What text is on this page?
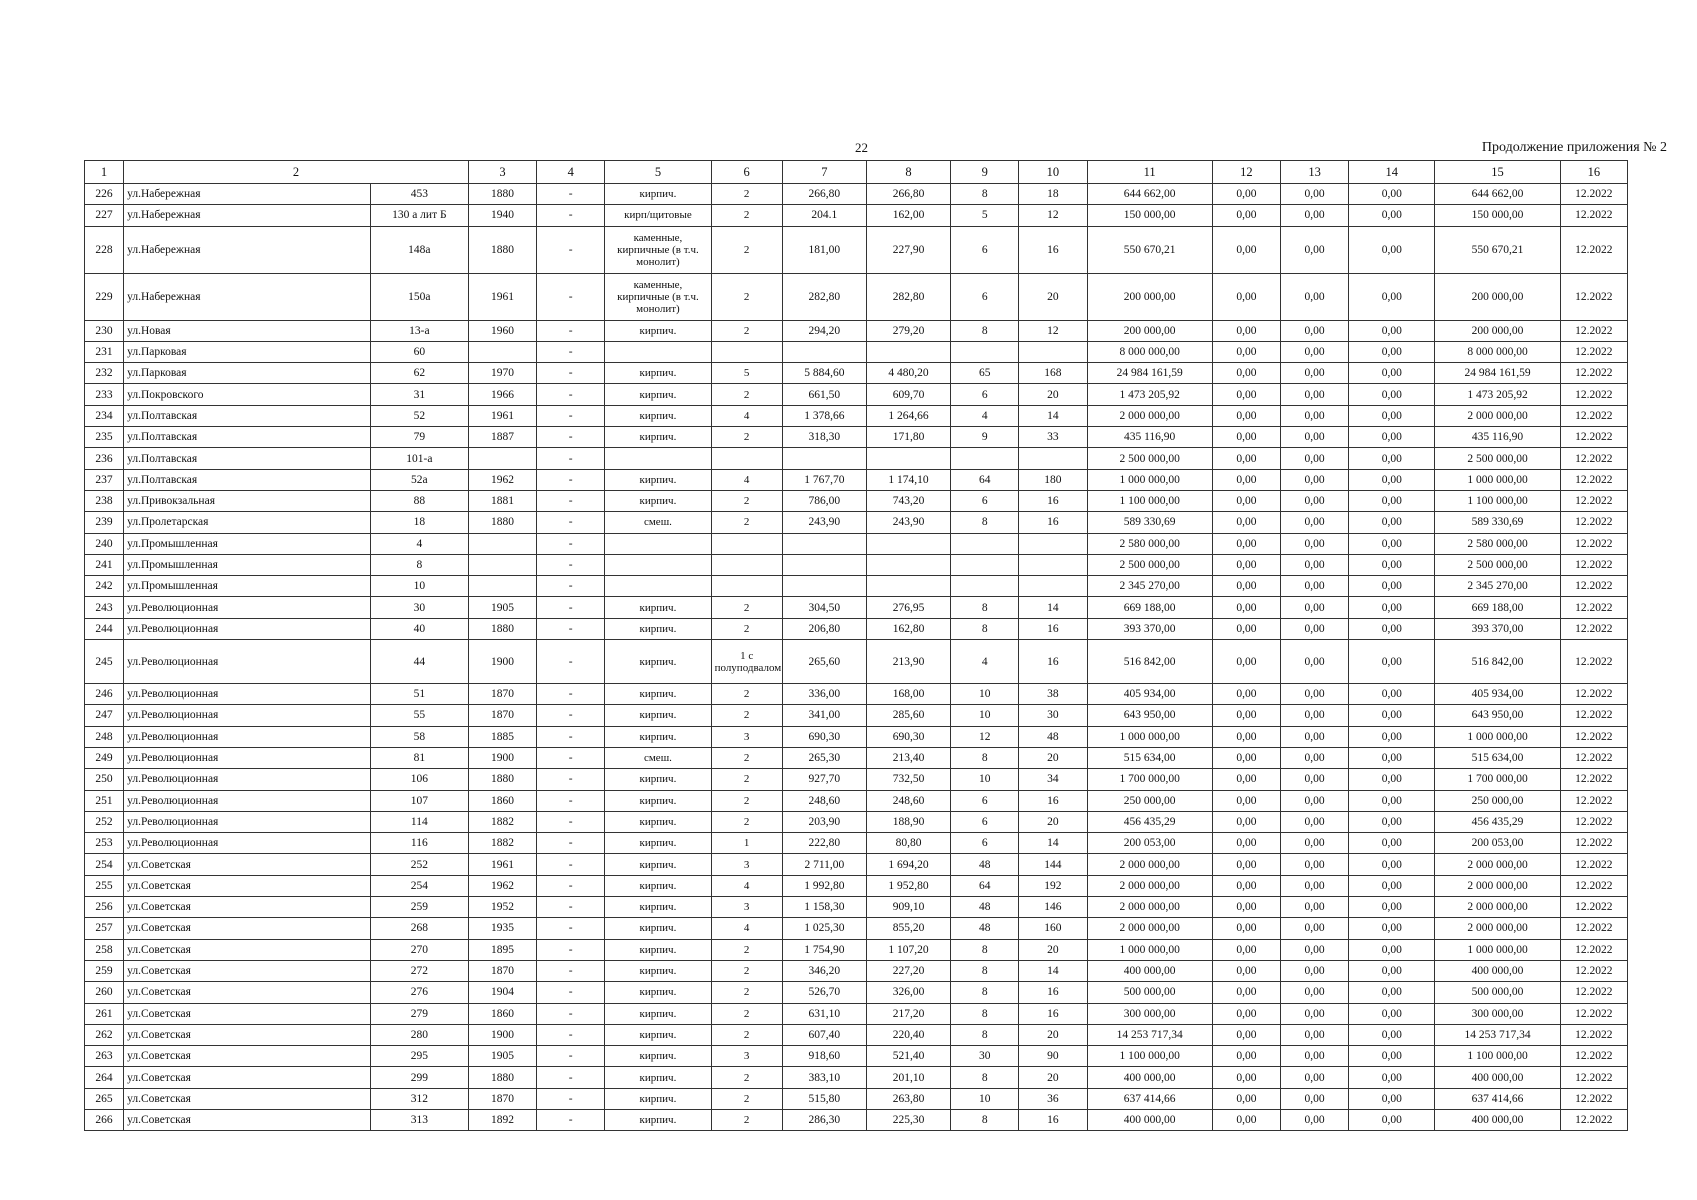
22	Продолжение приложения № 2
1	2		3	4	5	6	7	8	9	10	11	12	13	14	15	16
226	ул.Набережная	453	1880	-	кирпич.	2	266,80	266,80	8	18	644 662,00	0,00	0,00	0,00	644 662,00	12.2022
227	ул.Набережная	130 а лит Б	1940	-	кирп/щитовые	2	204.1	162,00	5	12	150 000,00	0,00	0,00	0,00	150 000,00	12.2022
228	ул.Набережная	148а	1880	-	каменные, кирпичные (в т.ч. монолит)	2	181,00	227,90	6	16	550 670,21	0,00	0,00	0,00	550 670,21	12.2022
229	ул.Набережная	150а	1961	-	каменные, кирпичные (в т.ч. монолит)	2	282,80	282,80	6	20	200 000,00	0,00	0,00	0,00	200 000,00	12.2022
230	ул.Новая	13-а	1960	-	кирпич.	2	294,20	279,20	8	12	200 000,00	0,00	0,00	0,00	200 000,00	12.2022
231	ул.Парковая	60		-							8 000 000,00	0,00	0,00	0,00	8 000 000,00	12.2022
232	ул.Парковая	62	1970	-	кирпич.	5	5 884,60	4 480,20	65	168	24 984 161,59	0,00	0,00	0,00	24 984 161,59	12.2022
233	ул.Покровского	31	1966	-	кирпич.	2	661,50	609,70	6	20	1 473 205,92	0,00	0,00	0,00	1 473 205,92	12.2022
234	ул.Полтавская	52	1961	-	кирпич.	4	1 378,66	1 264,66	4	14	2 000 000,00	0,00	0,00	0,00	2 000 000,00	12.2022
235	ул.Полтавская	79	1887	-	кирпич.	2	318,30	171,80	9	33	435 116,90	0,00	0,00	0,00	435 116,90	12.2022
236	ул.Полтавская	101-а		-							2 500 000,00	0,00	0,00	0,00	2 500 000,00	12.2022
237	ул.Полтавская	52а	1962	-	кирпич.	4	1 767,70	1 174,10	64	180	1 000 000,00	0,00	0,00	0,00	1 000 000,00	12.2022
238	ул.Привокзальная	88	1881	-	кирпич.	2	786,00	743,20	6	16	1 100 000,00	0,00	0,00	0,00	1 100 000,00	12.2022
239	ул.Пролетарская	18	1880	-	смеш.	2	243,90	243,90	8	16	589 330,69	0,00	0,00	0,00	589 330,69	12.2022
240	ул.Промышленная	4		-							2 580 000,00	0,00	0,00	0,00	2 580 000,00	12.2022
241	ул.Промышленная	8		-							2 500 000,00	0,00	0,00	0,00	2 500 000,00	12.2022
242	ул.Промышленная	10		-							2 345 270,00	0,00	0,00	0,00	2 345 270,00	12.2022
243	ул.Революционная	30	1905	-	кирпич.	2	304,50	276,95	8	14	669 188,00	0,00	0,00	0,00	669 188,00	12.2022
244	ул.Революционная	40	1880	-	кирпич.	2	206,80	162,80	8	16	393 370,00	0,00	0,00	0,00	393 370,00	12.2022
245	ул.Революционная	44	1900	-	кирпич.	1 с полуподвалом	265,60	213,90	4	16	516 842,00	0,00	0,00	0,00	516 842,00	12.2022
246	ул.Революционная	51	1870	-	кирпич.	2	336,00	168,00	10	38	405 934,00	0,00	0,00	0,00	405 934,00	12.2022
247	ул.Революционная	55	1870	-	кирпич.	2	341,00	285,60	10	30	643 950,00	0,00	0,00	0,00	643 950,00	12.2022
248	ул.Революционная	58	1885	-	кирпич.	3	690,30	690,30	12	48	1 000 000,00	0,00	0,00	0,00	1 000 000,00	12.2022
249	ул.Революционная	81	1900	-	смеш.	2	265,30	213,40	8	20	515 634,00	0,00	0,00	0,00	515 634,00	12.2022
250	ул.Революционная	106	1880	-	кирпич.	2	927,70	732,50	10	34	1 700 000,00	0,00	0,00	0,00	1 700 000,00	12.2022
251	ул.Революционная	107	1860	-	кирпич.	2	248,60	248,60	6	16	250 000,00	0,00	0,00	0,00	250 000,00	12.2022
252	ул.Революционная	114	1882	-	кирпич.	2	203,90	188,90	6	20	456 435,29	0,00	0,00	0,00	456 435,29	12.2022
253	ул.Революционная	116	1882	-	кирпич.	1	222,80	80,80	6	14	200 053,00	0,00	0,00	0,00	200 053,00	12.2022
254	ул.Советская	252	1961	-	кирпич.	3	2 711,00	1 694,20	48	144	2 000 000,00	0,00	0,00	0,00	2 000 000,00	12.2022
255	ул.Советская	254	1962	-	кирпич.	4	1 992,80	1 952,80	64	192	2 000 000,00	0,00	0,00	0,00	2 000 000,00	12.2022
256	ул.Советская	259	1952	-	кирпич.	3	1 158,30	909,10	48	146	2 000 000,00	0,00	0,00	0,00	2 000 000,00	12.2022
257	ул.Советская	268	1935	-	кирпич.	4	1 025,30	855,20	48	160	2 000 000,00	0,00	0,00	0,00	2 000 000,00	12.2022
258	ул.Советская	270	1895	-	кирпич.	2	1 754,90	1 107,20	8	20	1 000 000,00	0,00	0,00	0,00	1 000 000,00	12.2022
259	ул.Советская	272	1870	-	кирпич.	2	346,20	227,20	8	14	400 000,00	0,00	0,00	0,00	400 000,00	12.2022
260	ул.Советская	276	1904	-	кирпич.	2	526,70	326,00	8	16	500 000,00	0,00	0,00	0,00	500 000,00	12.2022
261	ул.Советская	279	1860	-	кирпич.	2	631,10	217,20	8	16	300 000,00	0,00	0,00	0,00	300 000,00	12.2022
262	ул.Советская	280	1900	-	кирпич.	2	607,40	220,40	8	20	14 253 717,34	0,00	0,00	0,00	14 253 717,34	12.2022
263	ул.Советская	295	1905	-	кирпич.	3	918,60	521,40	30	90	1 100 000,00	0,00	0,00	0,00	1 100 000,00	12.2022
264	ул.Советская	299	1880	-	кирпич.	2	383,10	201,10	8	20	400 000,00	0,00	0,00	0,00	400 000,00	12.2022
265	ул.Советская	312	1870	-	кирпич.	2	515,80	263,80	10	36	637 414,66	0,00	0,00	0,00	637 414,66	12.2022
266	ул.Советская	313	1892	-	кирпич.	2	286,30	225,30	8	16	400 000,00	0,00	0,00	0,00	400 000,00	12.2022
